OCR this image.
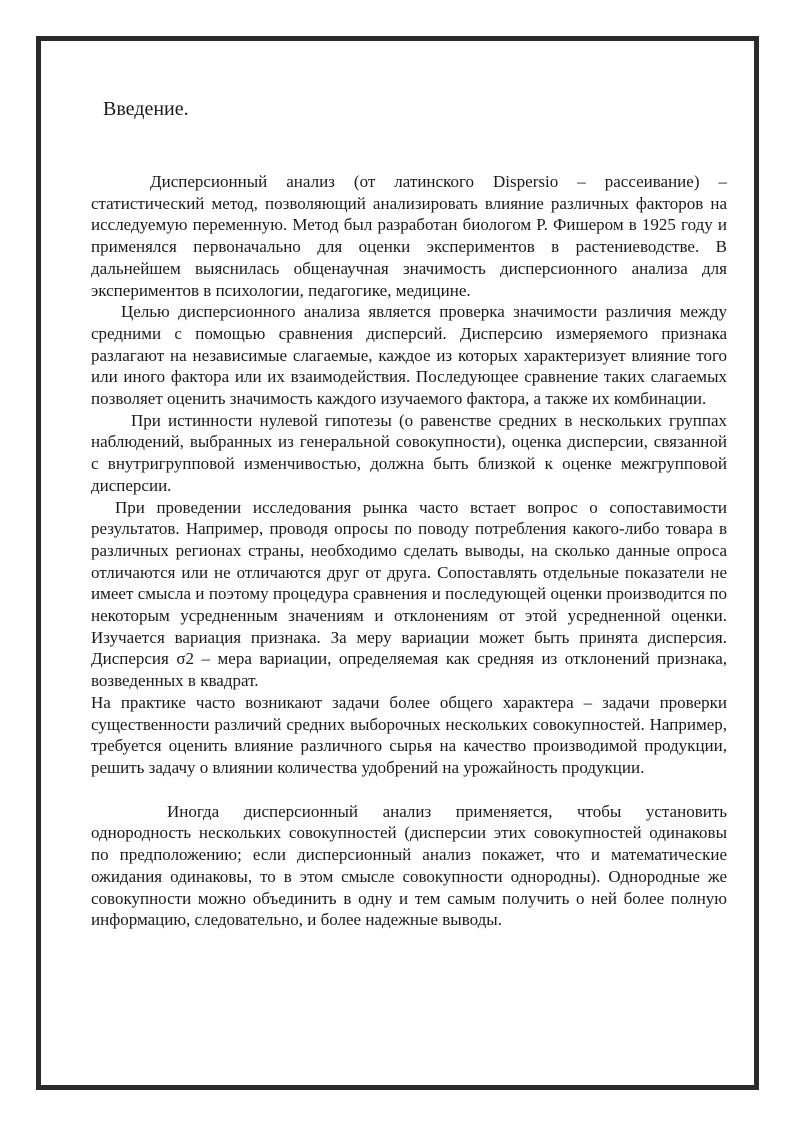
Введение.

Дисперсионный анализ (от латинского Dispersio – рассеивание) – статистический метод, позволяющий анализировать влияние различных факторов на исследуемую переменную. Метод был разработан биологом Р. Фишером в 1925 году и применялся первоначально для оценки экспериментов в растениеводстве. В дальнейшем выяснилась общенаучная значимость дисперсионного анализа для экспериментов в психологии, педагогике, медицине.

Целью дисперсионного анализа является проверка значимости различия между средними с помощью сравнения дисперсий. Дисперсию измеряемого признака разлагают на независимые слагаемые, каждое из которых характеризует влияние того или иного фактора или их взаимодействия. Последующее сравнение таких слагаемых позволяет оценить значимость каждого изучаемого фактора, а также их комбинации.

При истинности нулевой гипотезы (о равенстве средних в нескольких группах наблюдений, выбранных из генеральной совокупности), оценка дисперсии, связанной с внутригрупповой изменчивостью, должна быть близкой к оценке межгрупповой дисперсии.

При проведении исследования рынка часто встает вопрос о сопоставимости результатов. Например, проводя опросы по поводу потребления какого-либо товара в различных регионах страны, необходимо сделать выводы, на сколько данные опроса отличаются или не отличаются друг от друга. Сопоставлять отдельные показатели не имеет смысла и поэтому процедура сравнения и последующей оценки производится по некоторым усредненным значениям и отклонениям от этой усредненной оценки. Изучается вариация признака. За меру вариации может быть принята дисперсия. Дисперсия σ2 – мера вариации, определяемая как средняя из отклонений признака, возведенных в квадрат.

На практике часто возникают задачи более общего характера – задачи проверки существенности различий средних выборочных нескольких совокупностей. Например, требуется оценить влияние различного сырья на качество производимой продукции, решить задачу о влиянии количества удобрений на урожайность продукции.

Иногда дисперсионный анализ применяется, чтобы установить однородность нескольких совокупностей (дисперсии этих совокупностей одинаковы по предположению; если дисперсионный анализ покажет, что и математические ожидания одинаковы, то в этом смысле совокупности однородны). Однородные же совокупности можно объединить в одну и тем самым получить о ней более полную информацию, следовательно, и более надежные выводы.
